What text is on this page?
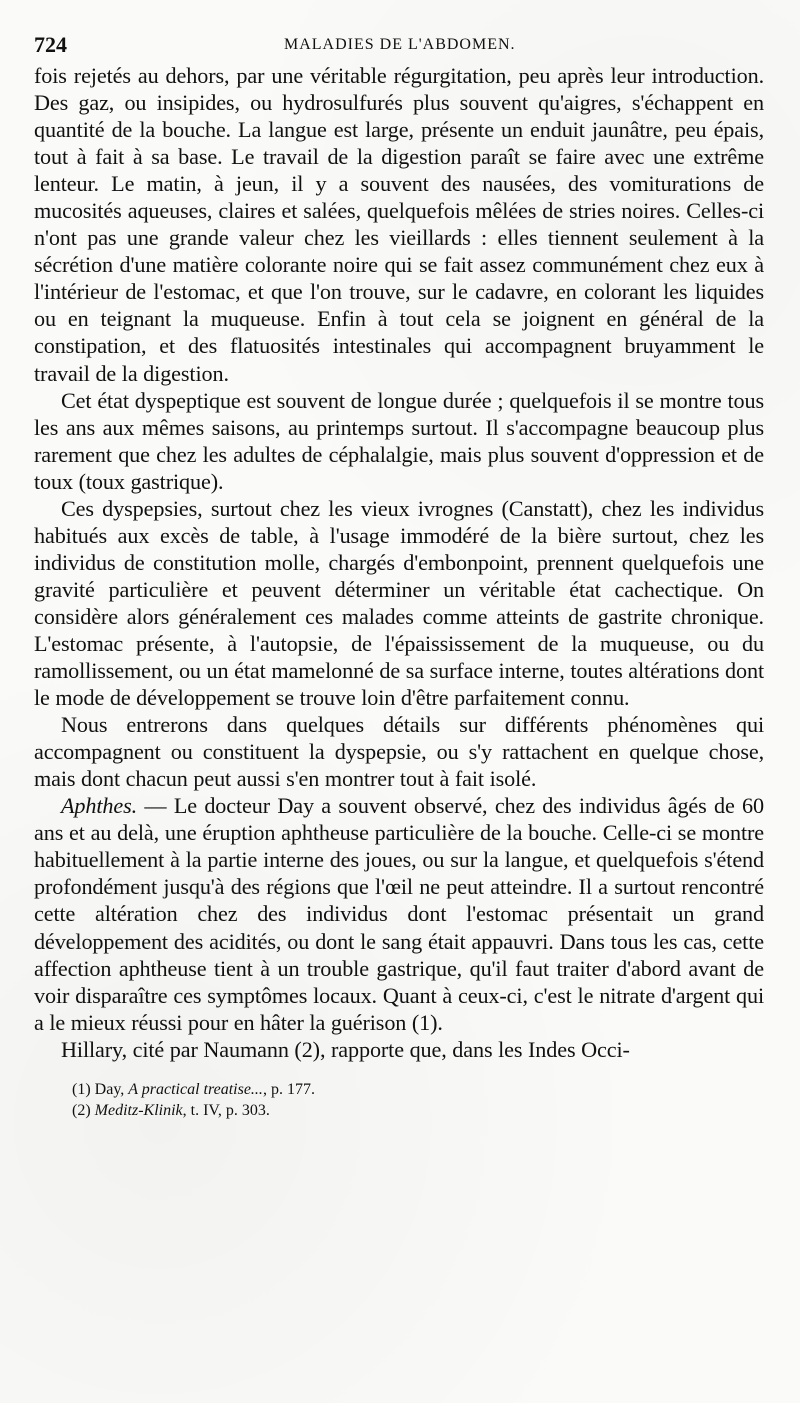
724	MALADIES DE L'ABDOMEN.

fois rejetés au dehors, par une véritable régurgitation, peu après leur introduction. Des gaz, ou insipides, ou hydrosulfurés plus souvent qu'aigres, s'échappent en quantité de la bouche. La langue est large, présente un enduit jaunâtre, peu épais, tout à fait à sa base. Le travail de la digestion paraît se faire avec une extrême lenteur. Le matin, à jeun, il y a souvent des nausées, des vomiturations de mucosités aqueuses, claires et salées, quelquefois mêlées de stries noires. Celles-ci n'ont pas une grande valeur chez les vieillards : elles tiennent seulement à la sécrétion d'une matière colorante noire qui se fait assez communément chez eux à l'intérieur de l'estomac, et que l'on trouve, sur le cadavre, en colorant les liquides ou en teignant la muqueuse. Enfin à tout cela se joignent en général de la constipation, et des flatuosités intestinales qui accompagnent bruyamment le travail de la digestion.

Cet état dyspeptique est souvent de longue durée ; quelquefois il se montre tous les ans aux mêmes saisons, au printemps surtout. Il s'accompagne beaucoup plus rarement que chez les adultes de céphalalgie, mais plus souvent d'oppression et de toux (toux gastrique).

Ces dyspepsies, surtout chez les vieux ivrognes (Canstatt), chez les individus habitués aux excès de table, à l'usage immodéré de la bière surtout, chez les individus de constitution molle, chargés d'embonpoint, prennent quelquefois une gravité particulière et peuvent déterminer un véritable état cachectique. On considère alors généralement ces malades comme atteints de gastrite chronique. L'estomac présente, à l'autopsie, de l'épaississement de la muqueuse, ou du ramollissement, ou un état mamelonné de sa surface interne, toutes altérations dont le mode de développement se trouve loin d'être parfaitement connu.

Nous entrerons dans quelques détails sur différents phénomènes qui accompagnent ou constituent la dyspepsie, ou s'y rattachent en quelque chose, mais dont chacun peut aussi s'en montrer tout à fait isolé.

Aphthes. — Le docteur Day a souvent observé, chez des individus âgés de 60 ans et au delà, une éruption aphtheuse particulière de la bouche. Celle-ci se montre habituellement à la partie interne des joues, ou sur la langue, et quelquefois s'étend profondément jusqu'à des régions que l'œil ne peut atteindre. Il a surtout rencontré cette altération chez des individus dont l'estomac présentait un grand développement des acidités, ou dont le sang était appauvri. Dans tous les cas, cette affection aphtheuse tient à un trouble gastrique, qu'il faut traiter d'abord avant de voir disparaître ces symptômes locaux. Quant à ceux-ci, c'est le nitrate d'argent qui a le mieux réussi pour en hâter la guérison (1).

Hillary, cité par Naumann (2), rapporte que, dans les Indes Occi-

(1) Day, A practical treatise..., p. 177.

(2) Meditz-Klinik, t. IV, p. 303.
